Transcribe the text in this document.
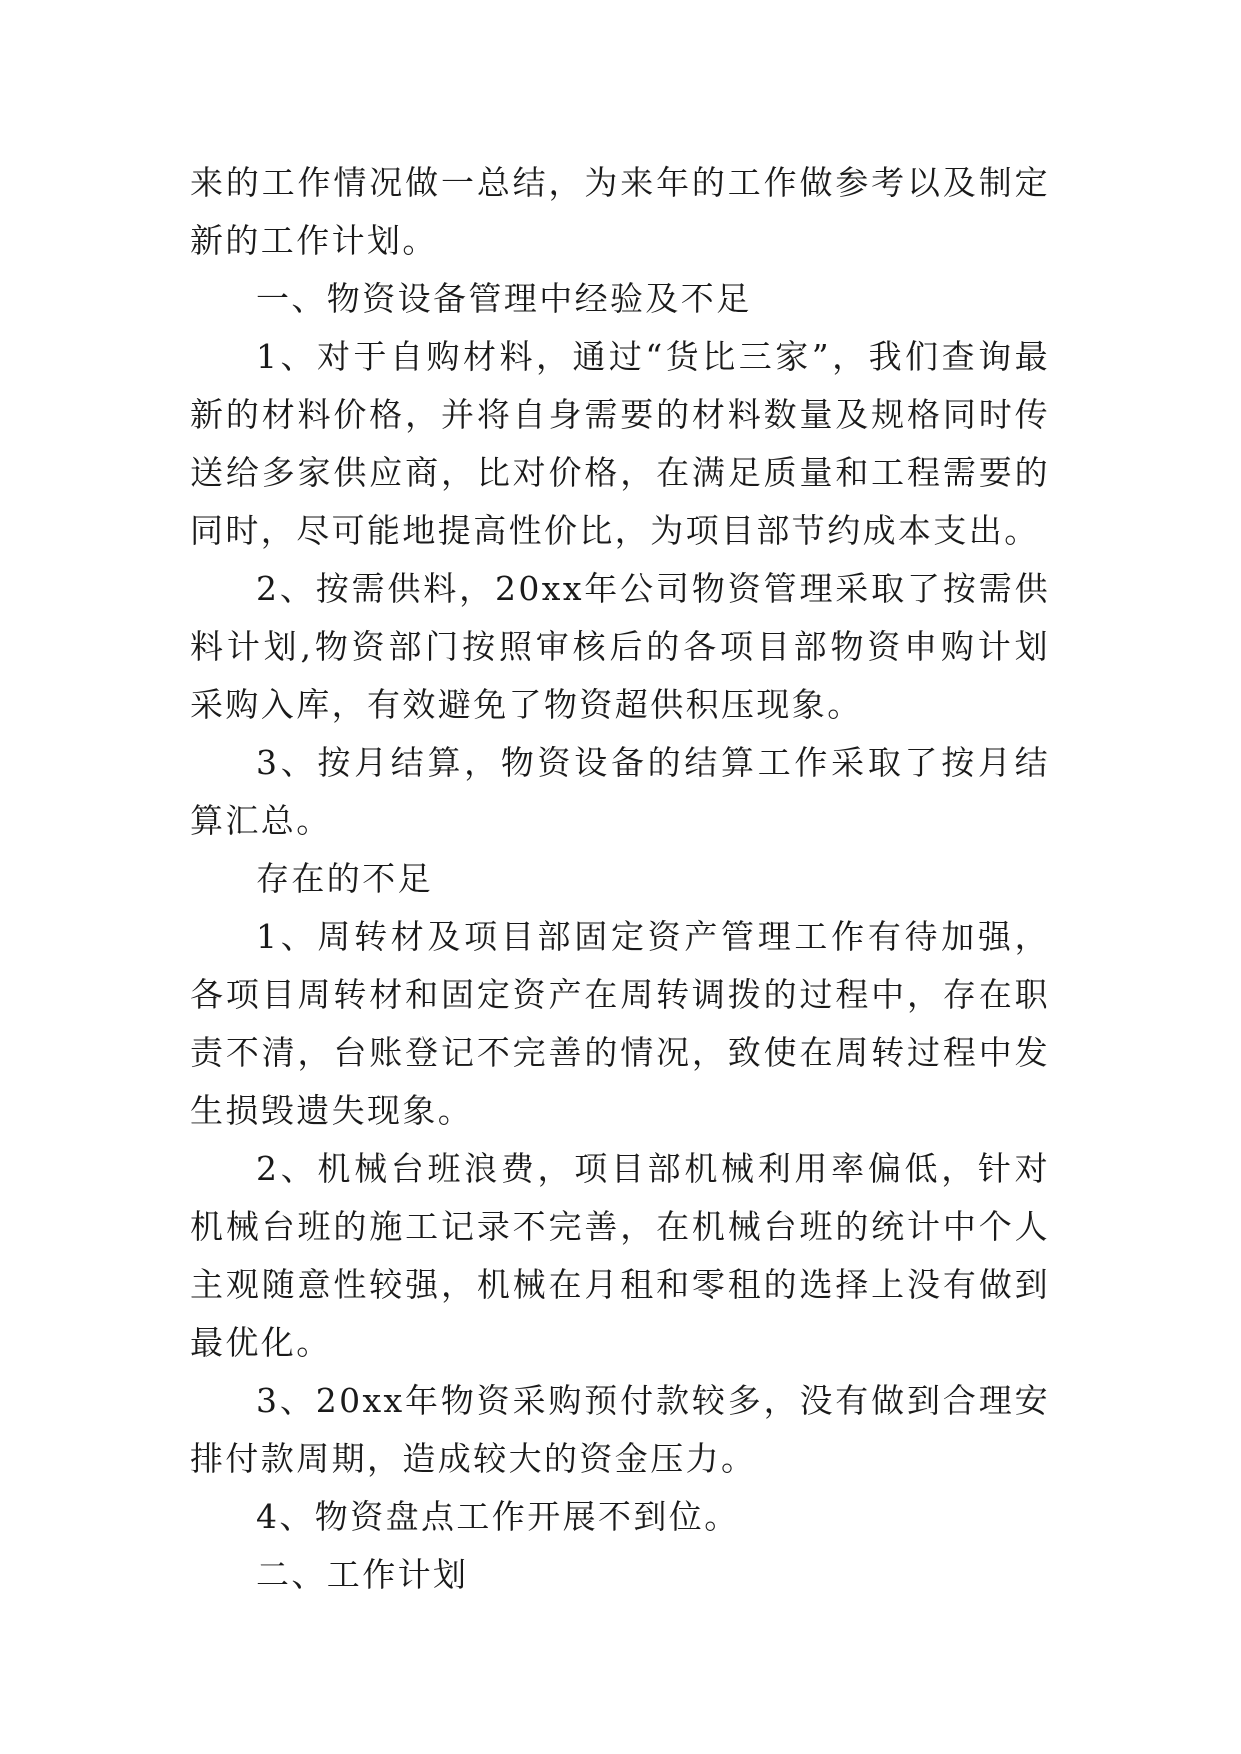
来的工作情况做一总结，为来年的工作做参考以及制定新的工作计划。

一、物资设备管理中经验及不足

1、对于自购材料，通过“货比三家”，我们查询最新的材料价格，并将自身需要的材料数量及规格同时传送给多家供应商，比对价格，在满足质量和工程需要的同时，尽可能地提高性价比，为项目部节约成本支出。

2、按需供料，20xx年公司物资管理采取了按需供料计划,物资部门按照审核后的各项目部物资申购计划采购入库，有效避免了物资超供积压现象。

3、按月结算，物资设备的结算工作采取了按月结算汇总。

存在的不足

1、周转材及项目部固定资产管理工作有待加强，各项目周转材和固定资产在周转调拨的过程中，存在职责不清，台账登记不完善的情况，致使在周转过程中发生损毁遗失现象。

2、机械台班浪费，项目部机械利用率偏低，针对机械台班的施工记录不完善，在机械台班的统计中个人主观随意性较强，机械在月租和零租的选择上没有做到最优化。

3、20xx年物资采购预付款较多，没有做到合理安排付款周期，造成较大的资金压力。

4、物资盘点工作开展不到位。

二、工作计划
